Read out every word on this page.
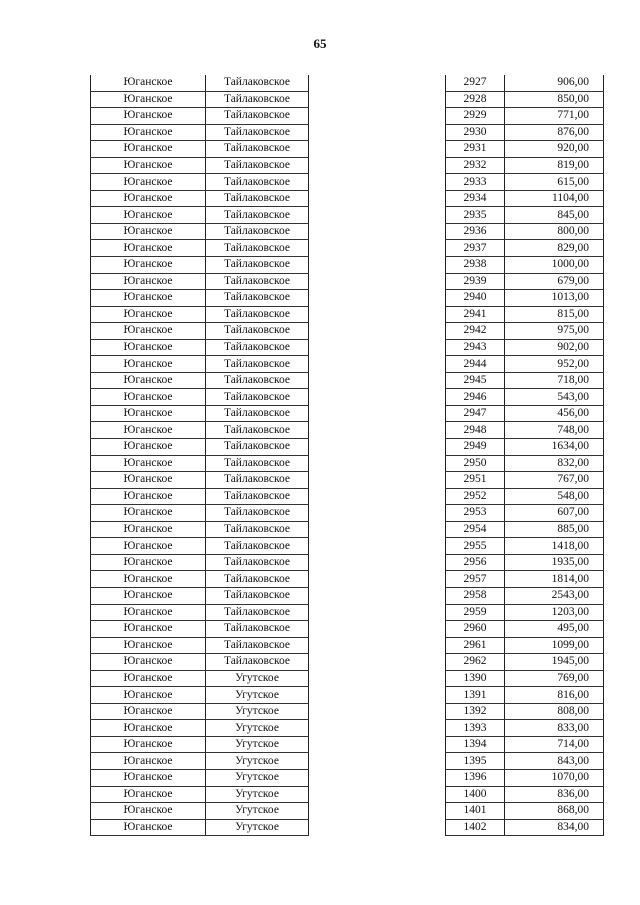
65
Юганское	Тайлаковское		2927	906,00
Юганское	Тайлаковское		2928	850,00
Юганское	Тайлаковское		2929	771,00
Юганское	Тайлаковское		2930	876,00
Юганское	Тайлаковское		2931	920,00
Юганское	Тайлаковское		2932	819,00
Юганское	Тайлаковское		2933	615,00
Юганское	Тайлаковское		2934	1104,00
Юганское	Тайлаковское		2935	845,00
Юганское	Тайлаковское		2936	800,00
Юганское	Тайлаковское		2937	829,00
Юганское	Тайлаковское		2938	1000,00
Юганское	Тайлаковское		2939	679,00
Юганское	Тайлаковское		2940	1013,00
Юганское	Тайлаковское		2941	815,00
Юганское	Тайлаковское		2942	975,00
Юганское	Тайлаковское		2943	902,00
Юганское	Тайлаковское		2944	952,00
Юганское	Тайлаковское		2945	718,00
Юганское	Тайлаковское		2946	543,00
Юганское	Тайлаковское		2947	456,00
Юганское	Тайлаковское		2948	748,00
Юганское	Тайлаковское		2949	1634,00
Юганское	Тайлаковское		2950	832,00
Юганское	Тайлаковское		2951	767,00
Юганское	Тайлаковское		2952	548,00
Юганское	Тайлаковское		2953	607,00
Юганское	Тайлаковское		2954	885,00
Юганское	Тайлаковское		2955	1418,00
Юганское	Тайлаковское		2956	1935,00
Юганское	Тайлаковское		2957	1814,00
Юганское	Тайлаковское		2958	2543,00
Юганское	Тайлаковское		2959	1203,00
Юганское	Тайлаковское		2960	495,00
Юганское	Тайлаковское		2961	1099,00
Юганское	Тайлаковское		2962	1945,00
Юганское	Угутское		1390	769,00
Юганское	Угутское		1391	816,00
Юганское	Угутское		1392	808,00
Юганское	Угутское		1393	833,00
Юганское	Угутское		1394	714,00
Юганское	Угутское		1395	843,00
Юганское	Угутское		1396	1070,00
Юганское	Угутское		1400	836,00
Юганское	Угутское		1401	868,00
Юганское	Угутское		1402	834,00
